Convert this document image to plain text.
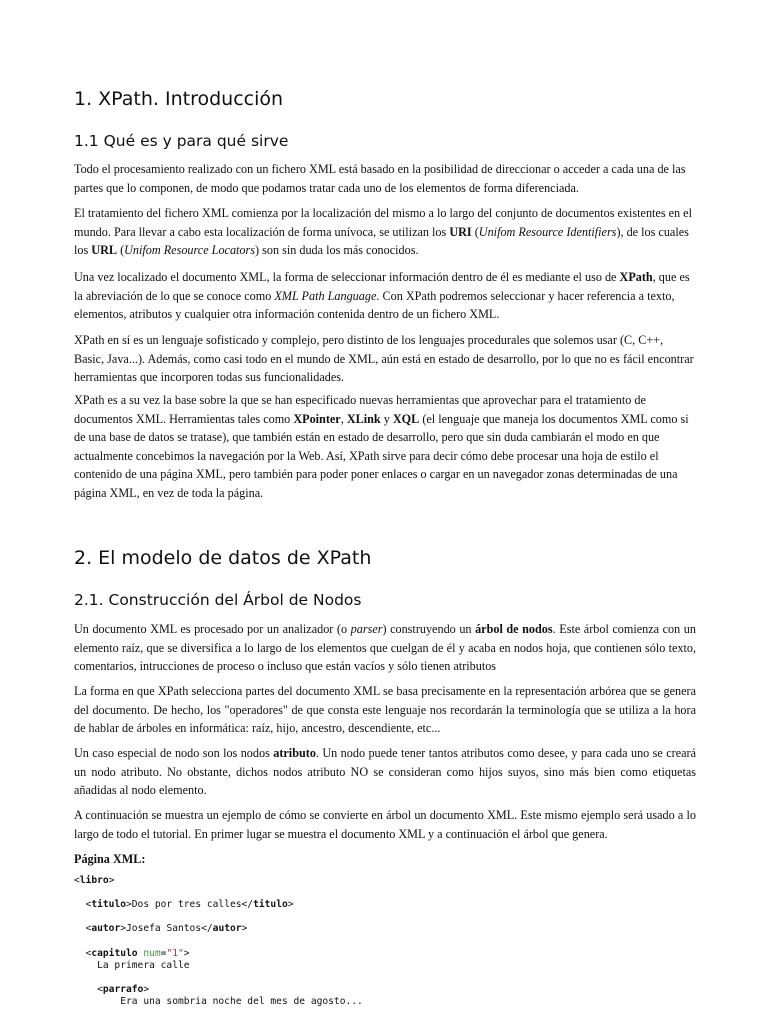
1. XPath. Introducción
1.1 Qué es y para qué sirve

Todo el procesamiento realizado con un fichero XML está basado en la posibilidad de direccionar o acceder a cada una de las partes que lo componen, de modo que podamos tratar cada uno de los elementos de forma diferenciada.

El tratamiento del fichero XML comienza por la localización del mismo a lo largo del conjunto de documentos existentes en el mundo. Para llevar a cabo esta localización de forma unívoca, se utilizan los URI (Unifom Resource Identifiers), de los cuales los URL (Unifom Resource Locators) son sin duda los más conocidos.

Una vez localizado el documento XML, la forma de seleccionar información dentro de él es mediante el uso de XPath, que es la abreviación de lo que se conoce como XML Path Language. Con XPath podremos seleccionar y hacer referencia a texto, elementos, atributos y cualquier otra información contenida dentro de un fichero XML.

XPath en sí es un lenguaje sofisticado y complejo, pero distinto de los lenguajes procedurales que solemos usar (C, C++, Basic, Java...). Además, como casi todo en el mundo de XML, aún está en estado de desarrollo, por lo que no es fácil encontrar herramientas que incorporen todas sus funcionalidades.

XPath es a su vez la base sobre la que se han especificado nuevas herramientas que aprovechar para el tratamiento de documentos XML. Herramientas tales como XPointer, XLink y XQL (el lenguaje que maneja los documentos XML como si de una base de datos se tratase), que también están en estado de desarrollo, pero que sin duda cambiarán el modo en que actualmente concebimos la navegación por la Web. Así, XPath sirve para decir cómo debe procesar una hoja de estilo el contenido de una página XML, pero también para poder poner enlaces o cargar en un navegador zonas determinadas de una página XML, en vez de toda la página.

2. El modelo de datos de XPath
2.1. Construcción del Árbol de Nodos

Un documento XML es procesado por un analizador (o parser) construyendo un árbol de nodos. Este árbol comienza con un elemento raíz, que se diversifica a lo largo de los elementos que cuelgan de él y acaba en nodos hoja, que contienen sólo texto, comentarios, intrucciones de proceso o incluso que están vacíos y sólo tienen atributos

La forma en que XPath selecciona partes del documento XML se basa precisamente en la representación arbórea que se genera del documento. De hecho, los "operadores" de que consta este lenguaje nos recordarán la terminología que se utiliza a la hora de hablar de árboles en informática: raíz, hijo, ancestro, descendiente, etc...

Un caso especial de nodo son los nodos atributo. Un nodo puede tener tantos atributos como desee, y para cada uno se creará un nodo atributo. No obstante, dichos nodos atributo NO se consideran como hijos suyos, sino más bien como etiquetas añadidas al nodo elemento.

A continuación se muestra un ejemplo de cómo se convierte en árbol un documento XML. Este mismo ejemplo será usado a lo largo de todo el tutorial. En primer lugar se muestra el documento XML y a continuación el árbol que genera.

Página XML:

<libro>
<titulo>Dos por tres calles</titulo>
<autor>Josefa Santos</autor>
<capitulo num="1">
La primera calle
<parrafo>
Era una sombria noche del mes de agosto...
